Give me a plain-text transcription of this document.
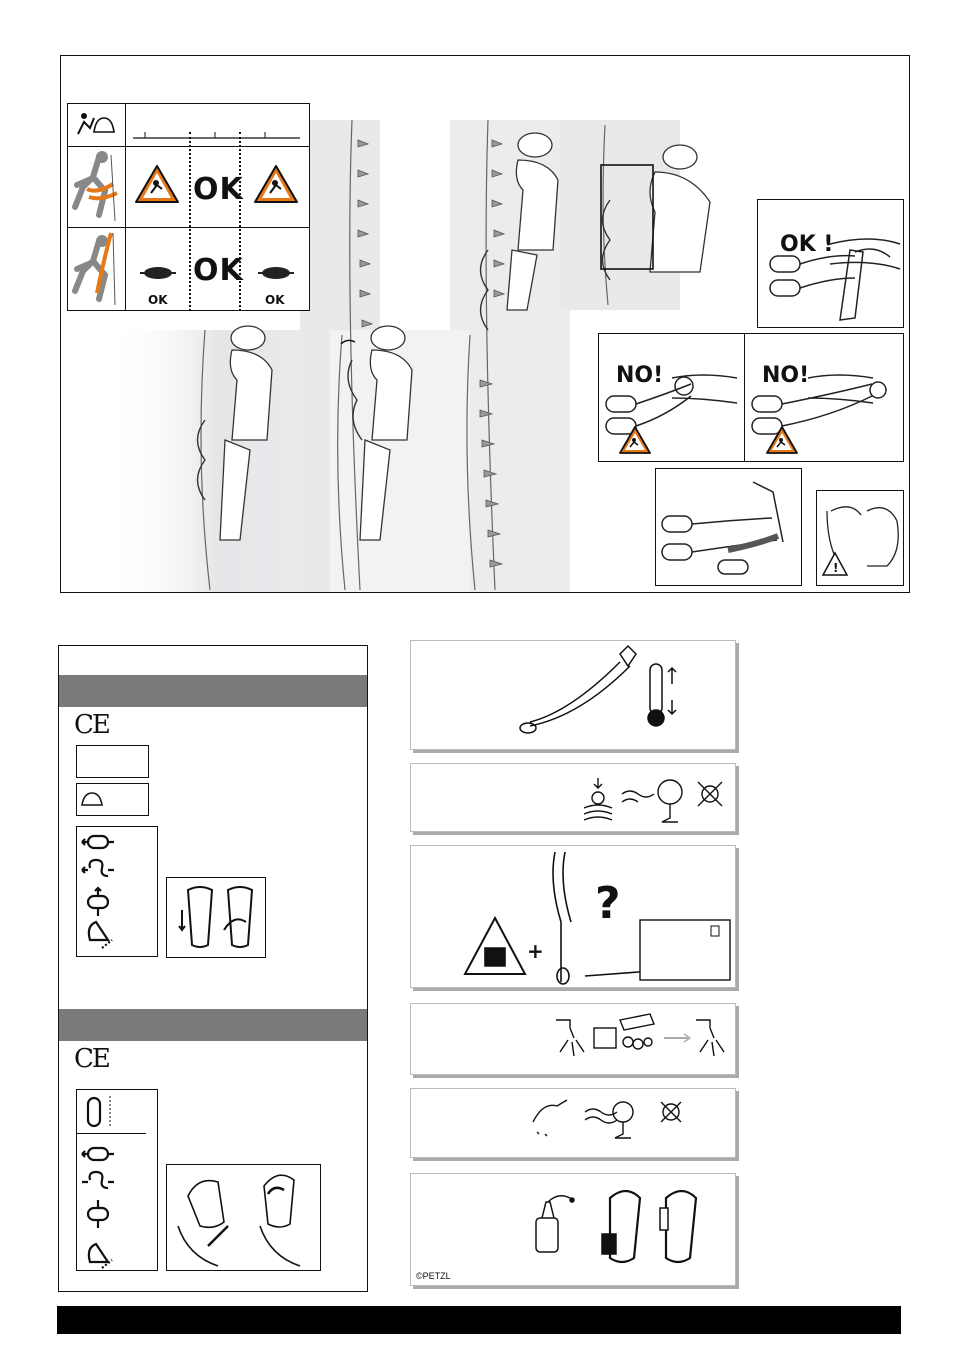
OK
OK
OK
OK
OK !
NO!	NO!
!
CE
CE
+
?
©PETZL
